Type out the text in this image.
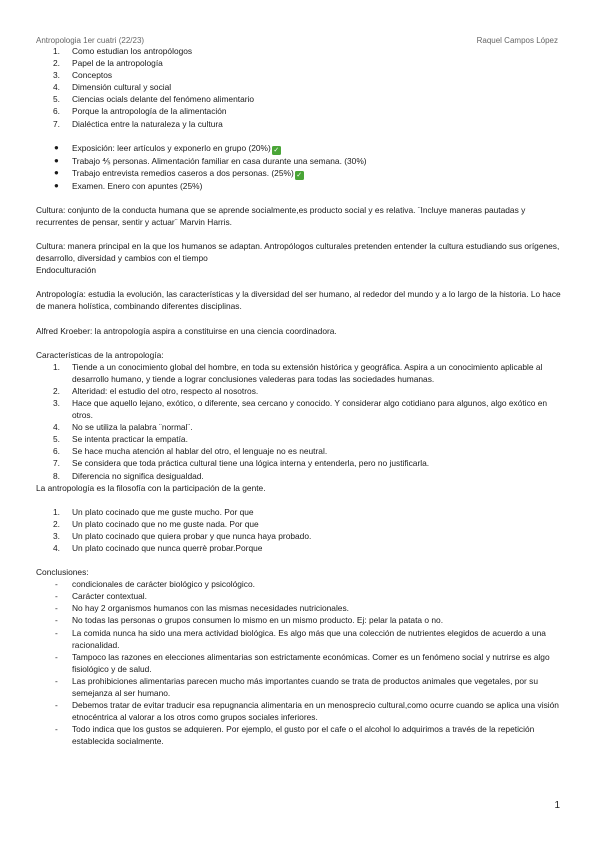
Antropologia 1er cuatri (22/23)	Raquel Campos López
1. Como estudian los antropólogos
2. Papel de la antropología
3. Conceptos
4. Dimensión cultural y social
5. Ciencias ocials delante del fenómeno alimentario
6. Porque la antropología de la alimentación
7. Dialéctica entre la naturaleza y la cultura
● Exposición: leer artículos y exponerlo en grupo (20%) ✓
● Trabajo ⅘ personas. Alimentación familiar en casa durante una semana. (30%)
● Trabajo entrevista remedios caseros a dos personas. (25%) ✓
● Examen. Enero con apuntes (25%)

Cultura: conjunto de la conducta humana que se aprende socialmente,es producto social y es relativa. ¨Incluye maneras pautadas y recurrentes de pensar, sentir y actuar¨ Marvin Harris.

Cultura: manera principal en la que los humanos se adaptan. Antropólogos culturales pretenden entender la cultura estudiando sus orígenes, desarrollo, diversidad y cambios con el tiempo

Endoculturación

Antropología: estudia la evolución, las características y la diversidad del ser humano, al rededor del mundo y a lo largo de la historia. Lo hace de manera holística, combinando diferentes disciplinas.

Alfred Kroeber: la antropología aspira a constituirse en una ciencia coordinadora.

Características de la antropología:

1. Tiende a un conocimiento global del hombre, en toda su extensión histórica y geográfica. Aspira a un conocimiento aplicable al desarrollo humano, y tiende a lograr conclusiones valederas para todas las sociedades humanas.
2. Alteridad: el estudio del otro, respecto al nosotros.
3. Hace que aquello lejano, exótico, o diferente, sea cercano y conocido. Y considerar algo cotidiano para algunos, algo exótico en otros.
4. No se utiliza la palabra ¨normal¨.
5. Se intenta practicar la empatía.
6. Se hace mucha atención al hablar del otro, el lenguaje no es neutral.
7. Se considera que toda práctica cultural tiene una lógica interna y entenderla, pero no justificarla.
8. Diferencia no significa desigualdad.

La antropología es la filosofía con la participación de la gente.

1. Un plato cocinado que me guste mucho. Por que
2. Un plato cocinado que no me guste nada. Por que
3. Un plato cocinado que quiera probar y que nunca haya probado.
4. Un plato cocinado que nunca querrè probar.Porque

Conclusiones:

- condicionales de carácter biológico y psicológico.
- Carácter contextual.
- No hay 2 organismos humanos con las mismas necesidades nutricionales.
- No todas las personas o grupos consumen lo mismo en un mismo producto. Ej: pelar la patata o no.
- La comida nunca ha sido una mera actividad biológica. Es algo más que una colección de nutrientes elegidos de acuerdo a una racionalidad.
- Tampoco las razones en elecciones alimentarias son estrictamente económicas. Comer es un fenómeno social y nutrirse es algo fisiológico y de salud.
- Las prohibiciones alimentarias parecen mucho más importantes cuando se trata de productos animales que vegetales, por su semejanza al ser humano.
- Debemos tratar de evitar traducir esa repugnancia alimentaria en un menosprecio cultural,como ocurre cuando se aplica una visión etnocéntrica al valorar a los otros como grupos sociales inferiores.
- Todo indica que los gustos se adquieren. Por ejemplo, el gusto por el cafe o el alcohol lo adquirimos a través de la repetición establecida socialmente.
1
